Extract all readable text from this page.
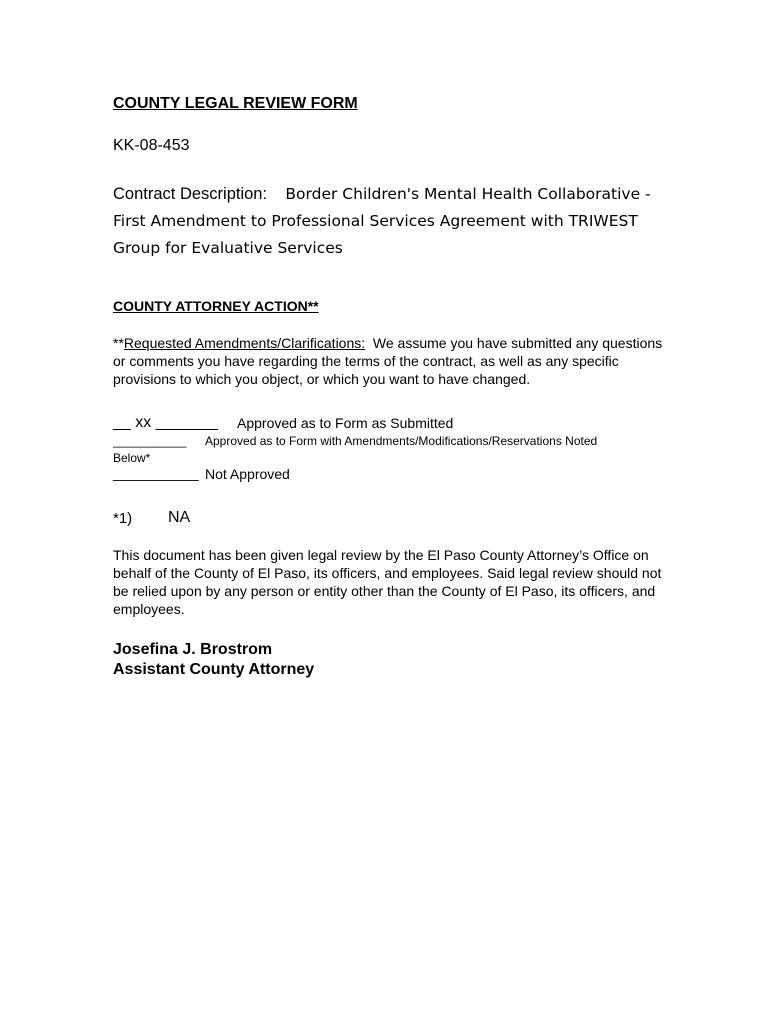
COUNTY LEGAL REVIEW FORM
KK-08-453
Contract Description: Border Children's Mental Health Collaborative - First Amendment to Professional Services Agreement with TRIWEST Group for Evaluative Services
COUNTY ATTORNEY ACTION**
**Requested Amendments/Clarifications: We assume you have submitted any questions or comments you have regarding the terms of the contract, as well as any specific provisions to which you object, or which you want to have changed.
__ xx _______ Approved as to Form as Submitted
___________ Approved as to Form with Amendments/Modifications/Reservations Noted
Below*
___________ Not Approved
*1) NA
This document has been given legal review by the El Paso County Attorney’s Office on behalf of the County of El Paso, its officers, and employees. Said legal review should not be relied upon by any person or entity other than the County of El Paso, its officers, and employees.
Josefina J. Brostrom
Assistant County Attorney
